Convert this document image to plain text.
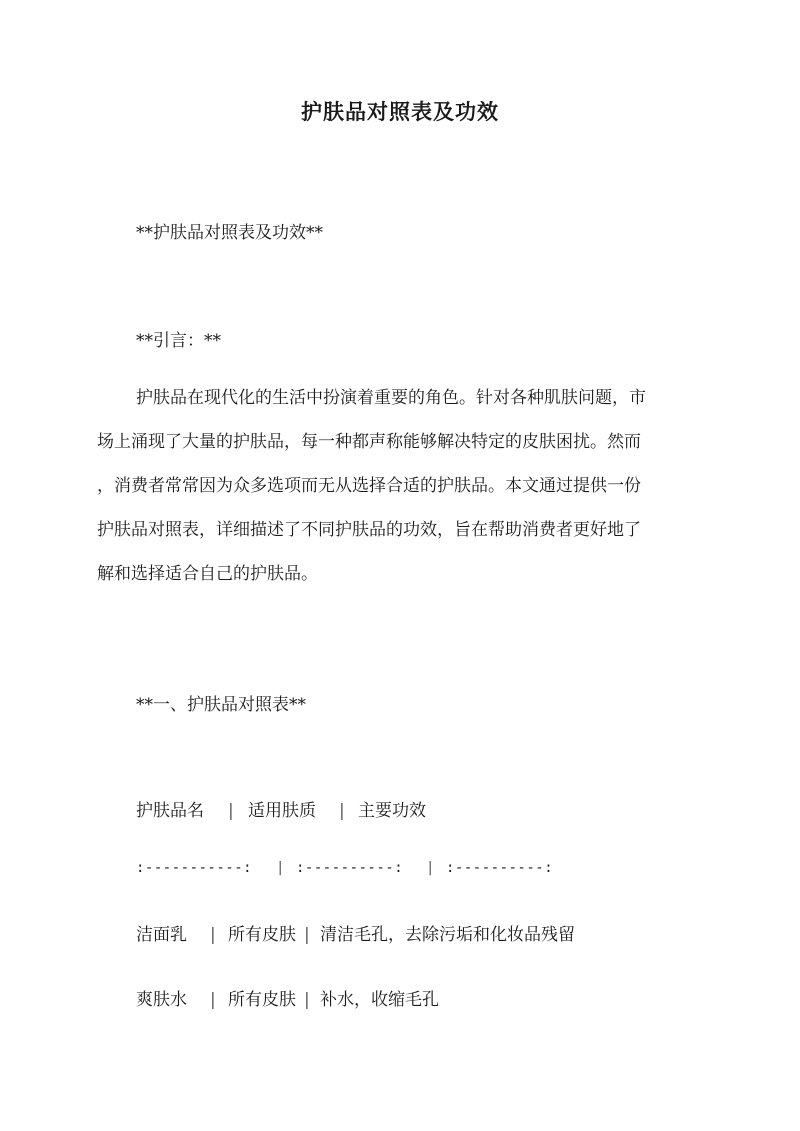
护肤品对照表及功效
**护肤品对照表及功效**
**引言：**
护肤品在现代化的生活中扮演着重要的角色。针对各种肌肤问题，市
场上涌现了大量的护肤品，每一种都声称能够解决特定的皮肤困扰。然而
，消费者常常因为众多选项而无从选择合适的护肤品。本文通过提供一份
护肤品对照表，详细描述了不同护肤品的功效，旨在帮助消费者更好地了
解和选择适合自己的护肤品。
**一、护肤品对照表**
护肤品名 | 适用肤质 | 主要功效
:-----------: | :----------: | :----------:
洁面乳 | 所有皮肤 | 清洁毛孔，去除污垢和化妆品残留
爽肤水 | 所有皮肤 | 补水，收缩毛孔
